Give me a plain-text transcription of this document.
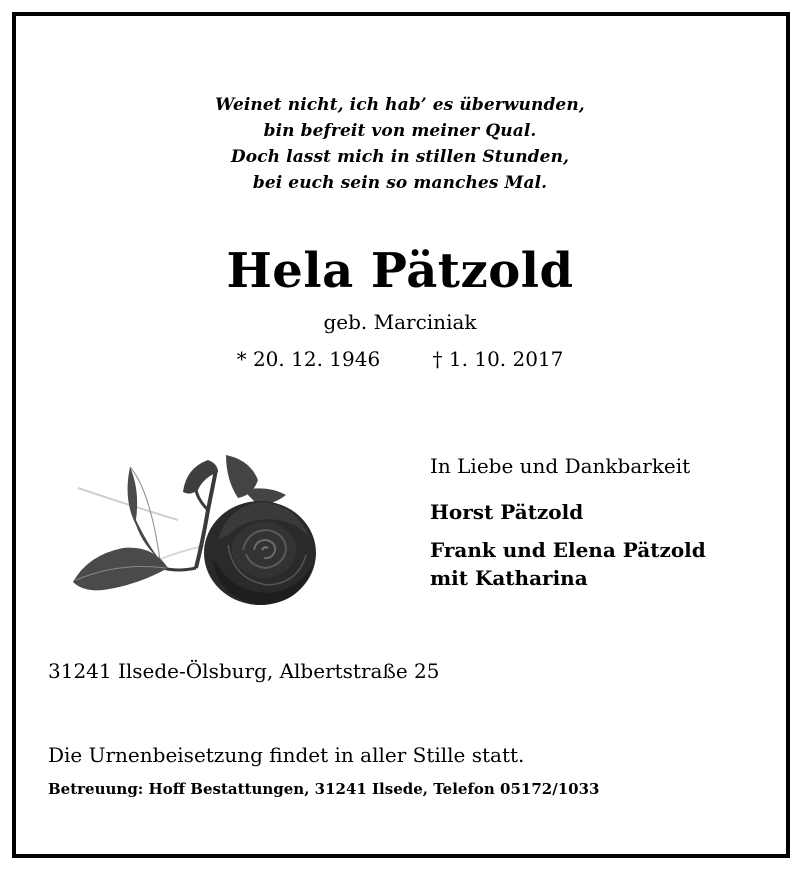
Weinet nicht, ich hab’ es überwunden,
bin befreit von meiner Qual.
Doch lasst mich in stillen Stunden,
bei euch sein so manches Mal.
Hela Pätzold
geb. Marciniak
* 20. 12. 1946	† 1. 10. 2017
In Liebe und Dankbarkeit
Horst Pätzold
Frank und Elena Pätzold
mit Katharina
31241 Ilsede-Ölsburg, Albertstraße 25
Die Urnenbeisetzung findet in aller Stille statt.
Betreuung: Hoff Bestattungen, 31241 Ilsede, Telefon 05172/1033
